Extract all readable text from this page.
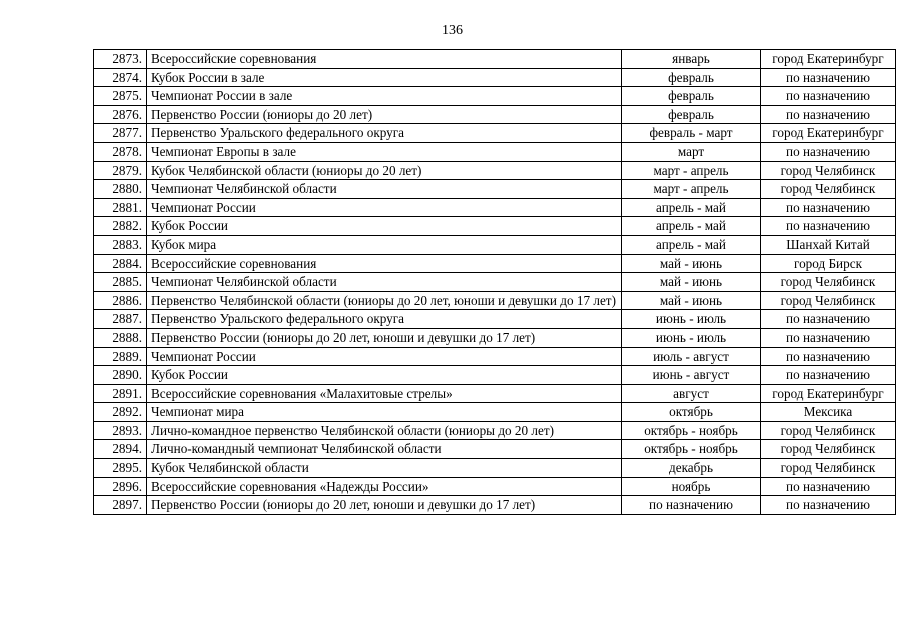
136
2873.	Всероссийские соревнования	январь	город Екатеринбург
2874.	Кубок России в зале	февраль	по назначению
2875.	Чемпионат России в зале	февраль	по назначению
2876.	Первенство России (юниоры до 20 лет)	февраль	по назначению
2877.	Первенство Уральского федерального округа	февраль - март	город Екатеринбург
2878.	Чемпионат Европы в зале	март	по назначению
2879.	Кубок Челябинской области (юниоры до 20 лет)	март - апрель	город Челябинск
2880.	Чемпионат Челябинской области	март - апрель	город Челябинск
2881.	Чемпионат России	апрель - май	по назначению
2882.	Кубок России	апрель - май	по назначению
2883.	Кубок мира	апрель - май	Шанхай Китай
2884.	Всероссийские соревнования	май - июнь	город Бирск
2885.	Чемпионат Челябинской области	май - июнь	город Челябинск
2886.	Первенство Челябинской области (юниоры до 20 лет, юноши и девушки до 17 лет)	май - июнь	город Челябинск
2887.	Первенство Уральского федерального округа	июнь - июль	по назначению
2888.	Первенство России (юниоры до 20 лет, юноши и девушки до 17 лет)	июнь - июль	по назначению
2889.	Чемпионат России	июль - август	по назначению
2890.	Кубок России	июнь - август	по назначению
2891.	Всероссийские соревнования «Малахитовые стрелы»	август	город Екатеринбург
2892.	Чемпионат мира	октябрь	Мексика
2893.	Лично-командное первенство Челябинской области (юниоры до 20 лет)	октябрь - ноябрь	город Челябинск
2894.	Лично-командный чемпионат Челябинской области	октябрь - ноябрь	город Челябинск
2895.	Кубок Челябинской области	декабрь	город Челябинск
2896.	Всероссийские соревнования «Надежды России»	ноябрь	по назначению
2897.	Первенство России (юниоры до 20 лет, юноши и девушки до 17 лет)	по назначению	по назначению
